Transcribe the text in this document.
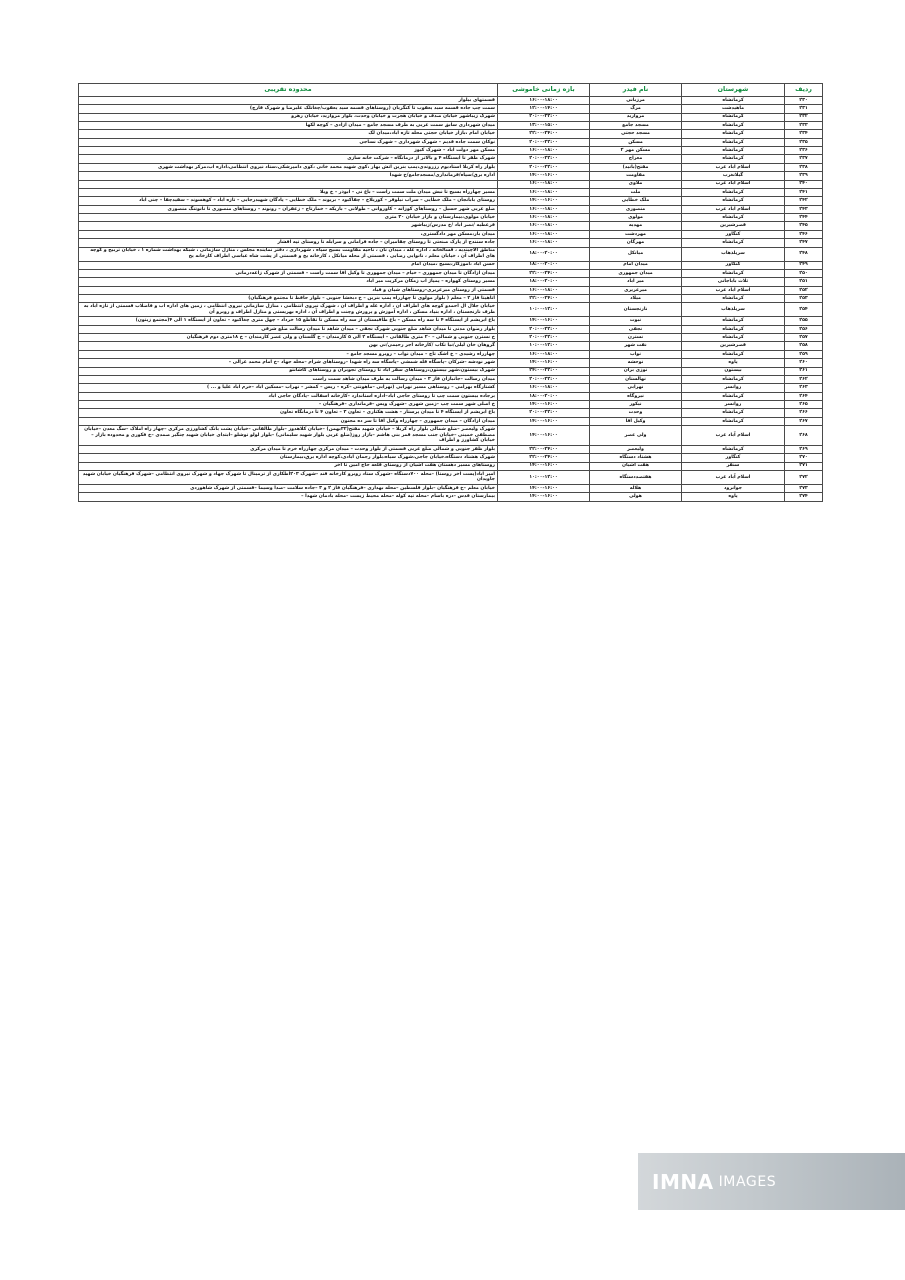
ردیف	شهرستان	نام فیدر	بازه زمانی خاموشی	محدوده تقریبی
۲۳۰	کرمانشاه	مرزبانی	۱۶:۰۰-۱۸:۰۰	قسمتهای بیلوار
۲۳۱	ماهیدشت	مرگ	۱۲:۰۰-۱۴:۰۰	سمت چپ جاده قسمه سید یعقوب تا کنگربان (روستاهای قسمه سید یعقوب/چغانلک علیرضا و شهرک قارچ)
۲۳۲	کرمانشاه	مروارید	۲۰:۰۰-۲۲:۰۰	شهرک زیباشهر خیابان صدف و خیابان هجرت و خیابان وحدت، بلوار مروارید، خیابان رهرو
۲۳۳	کرمانشاه	مسجد جامع	۱۳:۰۰-۱۵:۰۰	میدان شهرداری سابق سمت غربی به طرف مسجد جامع – میدان آزادی – کوچه لکها
۲۳۴	کرمانشاه	مسجد حجتی	۲۲:۰۰-۲۴:۰۰	خیابان امام ،بازار خیابان حجتی محله تازه آباد،میدان لک
۲۳۵	کرمانشاه	مسکن	۲۰:۰۰-۲۲:۰۰	نوکان سمت جاده قدیم – شهرک شهرداری – شهرک نساجی
۲۳۶	کرمانشاه	مسکن مهر ۲	۱۶:۰۰-۱۸:۰۰	مسکن مهر دولت آباد – شهرک کیوز
۲۳۷	کرمانشاه	معراج	۲۰:۰۰-۲۲:۰۰	شهرک ظفر تا ایستگاه ۴ و بالاتر از درمانگاه – شرکت خانه سازی
۲۳۸	اسلام آباد غرب	مفتح(بانید)	۲۰:۰۰-۲۲:۰۰	بلوار راه کربلا استادیوم رزروندی،پمپ بنزین آتش بهار ،کوی شهید محمد خانی ،کوی دامپزشکی،ستاد نیروی انتظامی،اداره آب،مرکز بهداشت شهری
۲۳۹	گیلانغرب	مقاومت	۱۴:۰۰-۱۶:۰۰	اداره برق/سپاه/فرمانداری/مسجدجامع/خ شهدا
۲۴۰	اسلام آباد غرب	ملاوی	۱۶:۰۰-۱۸:۰۰	
۲۴۱	کرمانشاه	ملت	۱۶:۰۰-۱۸:۰۰	مسیر چهارراه بسیج تا نبش میدان ملت سمت راست – باغ نی – ابوذر – خ ویلا
۲۴۲	کرمانشاه	ملک خطایی	۱۴:۰۰-۱۶:۰۰	روستای بابانجان – ملک خطایی – سراب نیلوفر – کوریلاخ – چقاکبود – بزیوند – ملک خطایی – پادگان شهیدرجایی – تازه آباد – کوهسوند – سفیدچقا – چنی آباد
۲۴۳	اسلام آباد غرب	منصوری	۱۶:۰۰-۱۸:۰۰	ضلع غربی شهر حسیل – روستاهای کوزانه – کاوروانی – طولانی – باریکه – خمارتاج – زعفران – رونوند – روستاهای منصوری تا نانوتنگ منصوری
۲۴۴	کرمانشاه	مولوی	۱۶:۰۰-۱۸:۰۰	خیابان مولوی،بیمارستان و بازار خیابان ۳۰ متری
۲۴۵	قصرشیرین	مهدیه	۱۶:۰۰-۱۸:۰۰	فرعطیه /نصر آباد /خ مدرس/زیباشهر
۲۴۶	کنگاور	مهردشت	۱۶:۰۰-۱۸:۰۰	میدان بار،مسکن مهر دادگستری،
۲۴۷	کرمانشاه	مهرگان	۱۶:۰۰-۱۸:۰۰	جاده سنندج از پارک صنعتی تا روستای چقامیران – جاده فرامانی و سرابله تا روستای تپه افشار
۲۴۸	سرپلذهاب	میانکل	۱۸:۰۰-۲۰:۰۰	مناطق آلاچیندیه ، قسالخانه ، اداره غله ، میدان نان ، ناحیه مقاومت بسیج سپاه ، شهرداری ، دفتر نماینده مجلس ، منازل سازمانی ، شبکه بهداشت شماره ۱ ، خیابان تربیح و کوچه های اطراف آن ، خیابان معلم ، نانوایی رضایی ، قسمتی از محله میانکل ، کارخانه یخ و قسمتی از پشت شاه عباسی اطراف کارخانه یخ
۲۴۹	کنگاور	میدان امام	۱۸:۰۰-۲۰:۰۰	حسن اباد ،اموزکار،بسیج ،میدان امام
۲۵۰	کرمانشاه	میدان جمهوری	۲۲:۰۰-۲۴:۰۰	میدان آزادگان تا میدان جمهوری – خیام – میدان جمهوری تا وکیل آقا سمت راست – قسمتی از شهرک زاغه‌درمانی
۲۵۱	ثلاث باباجانی	میر آباد	۱۸:۰۰-۲۰:۰۰	مسیر روستای کهواره – پمپاژ آب زمکان مرکزیت میر آباد
۲۵۲	اسلام آباد غرب	میرعزیزی	۱۶:۰۰-۱۸:۰۰	قسمتی از روستای میرعزیزی–روستاهای شیان و قباد
۲۵۳	کرمانشاه	میلاد	۲۲:۰۰-۲۴:۰۰	آتاهیتا فاز ۲ – معلم ( بلوار مولوی تا چهارراه پمپ بنزین – خ دبخشا جنوبی – بلوار حافظ تا مجتمع فرهنگیان)
۲۵۴	سرپلذهاب	نارنجستان	۱۰:۰۰-۱۲:۰۰	خیابان جلال آل احمدو کوچه های اطراف آن ، اداره غله و اطراف آن ، شهرک نیروی انتظامی ، منازل سازمانی نیروی انتظامی ، زمین های اداره آب و فاضلاب قسمتی از تازه آباد به طرف نارنجستان ، اداره بنیاد مسکن ، اداره آموزش و پرورش وچنت و اطراف آن ، اداره بهزیستی و منازل اطراف و روبرو آن
۲۵۵	کرمانشاه	نبوت	۱۴:۰۰-۱۶:۰۰	باغ ابریشم از ایستگاه ۴ تا سه راه مسکن – باغ طاقبستان از سه راه مسکن تا تقاطع ۱۵ خرداد – چهل متری چغاکبود – تعاون از ایستگاه ۱ الی ۴(مجتمع زیتون)
۲۵۶	کرمانشاه	نجفی	۲۰:۰۰-۲۲:۰۰	بلوار رضوان مدنی تا میدان شاهد ضلع جنوبی شهرک نجفی – میدان شاهد تا میدان رسالت ضلع شرقی
۲۵۷	کرمانشاه	نسترن	۲۰:۰۰-۲۲:۰۰	خ نسترن جنوبی و شمالی – ۲۰ متری طالقانی – ایستگاه ۲ الی ۵ کارمندان – خ گلستان و ولی عصر کارمندان – خ ۱۸متری دوم فرهنگیان
۲۵۸	قصرشیرین	نفت شهر	۱۰:۰۰-۱۲:۰۰	گروهان خان لیلی/نیا تکاب /کارخانه آجر رحیمی/نی بهن
۲۵۹	کرمانشاه	نواب	۱۶:۰۰-۱۸:۰۰	چهارراه رشیدی – خ اشک تاج – میدان نواب – روبرو مسجد جامع –
۲۶۰	پاوه	نوحشه	۱۴:۰۰-۱۶:۰۰	شهر نودشه –شرکان –پاسگاه قله شمشی –پاسگاه سه راه شهدا –روستاهای شرام –محله جهاد –خ امام محمد غزالی –
۲۶۱	بیستون	نوزی بران	۲۴:۰۰-۲۲:۰۰	شهرک بیستون،شهر بیستون،روستاهای سقر اباد تا روستای نجوبران و روستاهای کاشانتو
۲۶۲	کرمانشاه	نهالستان	۲۰:۰۰-۲۲:۰۰	میدان رسالت –جانبازان فاز ۳ – میدان رسالت به طرف میدان شاهد سمت راست
۲۶۳	روانسر	نهرابی	۱۶:۰۰-۱۸:۰۰	کشتارگاه بهرامی – روستاهی مسیر نهرابی (نهرابی –ماهونتی –کره – ریس – کمشر – نهراب –مسکین اباد –خرم اباد علیا و ... )
۲۶۴	کرمانشاه	نیروگاه	۱۸:۰۰-۲۰:۰۰	برجاده بیستون سمت چپ تا روستای حاجی آباد–اداره استاندارد –کارخانه آسفالت –پادگان حاجی آباد
۲۶۵	روانسر	نیکور	۱۴:۰۰-۱۶:۰۰	خ اصلی شهر سمت چپ –زمین شهری –شهرک ویس –فرمانداری –فرهنگیان –
۲۶۶	کرمانشاه	وحدت	۲۰:۰۰-۲۲:۰۰	باغ ابریشم از ایستگاه ۴ تا میدان پرستار – هشت هکتاری – تعاون ۳ – تعاون ۴ تا درمانگاه تعاون
۲۶۷	کرمانشاه	وکیل آقا	۱۴:۰۰-۱۶:۰۰	میدان آزادگان – میدان جمهوری – چهارراه وکیل آقا تا سر ده مجنون
۲۶۸	اسلام آباد غرب	ولی عصر	۱۴:۰۰-۱۶:۰۰	شهرک ولیعصر –ضلع شمالی بلوار راه کربلا – خیابان شهید مفتح(۳۲بهمن) –خیابان کلاهدوز –بلوار طالقانی –خیابان پشت بانک کشاورزی مرکزی –چهار راه املاک –سگ معدن –خیابان مصطفی خمینی –خیابان جنب مسجد قمر بنی هاشم –بازار روز(ضلع غربی بلوار شهید سلیمانی) –بلوار لولو توشلو –ابتدای خیابان شهید چنگیز صمدی –خ فکوری و محدوده بازار –خیابان کشاورز و اطراف
۲۶۹	کرمانشاه	ولیعصر	۲۲:۰۰-۲۴:۰۰	بلوار ظفر جنوبی و شمالی ضلع غربی قسمتی از بلوار وحدت – میدان مرکزی چهارراه خرم تا میدان مرکزی
۲۷۰	کنگاور	هشتاد دستگاه	۲۲:۰۰-۲۴:۰۰	شهرک هشتاد دستگاه،خیابان جاجی،شهرک سیاه،بلوار رجمان ابادی،کوچه اداره برق،بیمارستان
۲۷۱	سنقر	هفت آشیان	۱۴:۰۰-۱۶:۰۰	روستاهای مسیر دهستان هفت اشیان از روستای قلعه حاج امین تا اخر
۲۷۲	اسلام آباد غرب	هفتصددستگاه	۱۰:۰۰-۱۲:۰۰	امیر آباد(پست آخر روستا) –محله ۷۰۰دستگاه –شهرک ستاد روبرو کارخانه قند –شهرک ۲۰۳اطکاری از ترمینال تا شهرک جهاد و شهرک نیروی انتظامی –شهرک فرهنگیان خیابان شهید جاویدان
۲۷۳	جوانرود	هلاله	۱۴:۰۰-۱۶:۰۰	خیابان معلم –خ فرهنگیان –بلوار فلسطین –محله بهداری –فرهنگیان فاز ۲ و ۳ –جاده سلامت –صدا وسیما –قسمتی از شهرک شاهوردی
۲۷۴	پاوه	هولی	۱۴:۰۰-۱۶:۰۰	بیمارستان قدس –دره باسام –محله تپه کوله –محله محیط زیست –محله بادمان شهدا –
IMNA IMAGES
